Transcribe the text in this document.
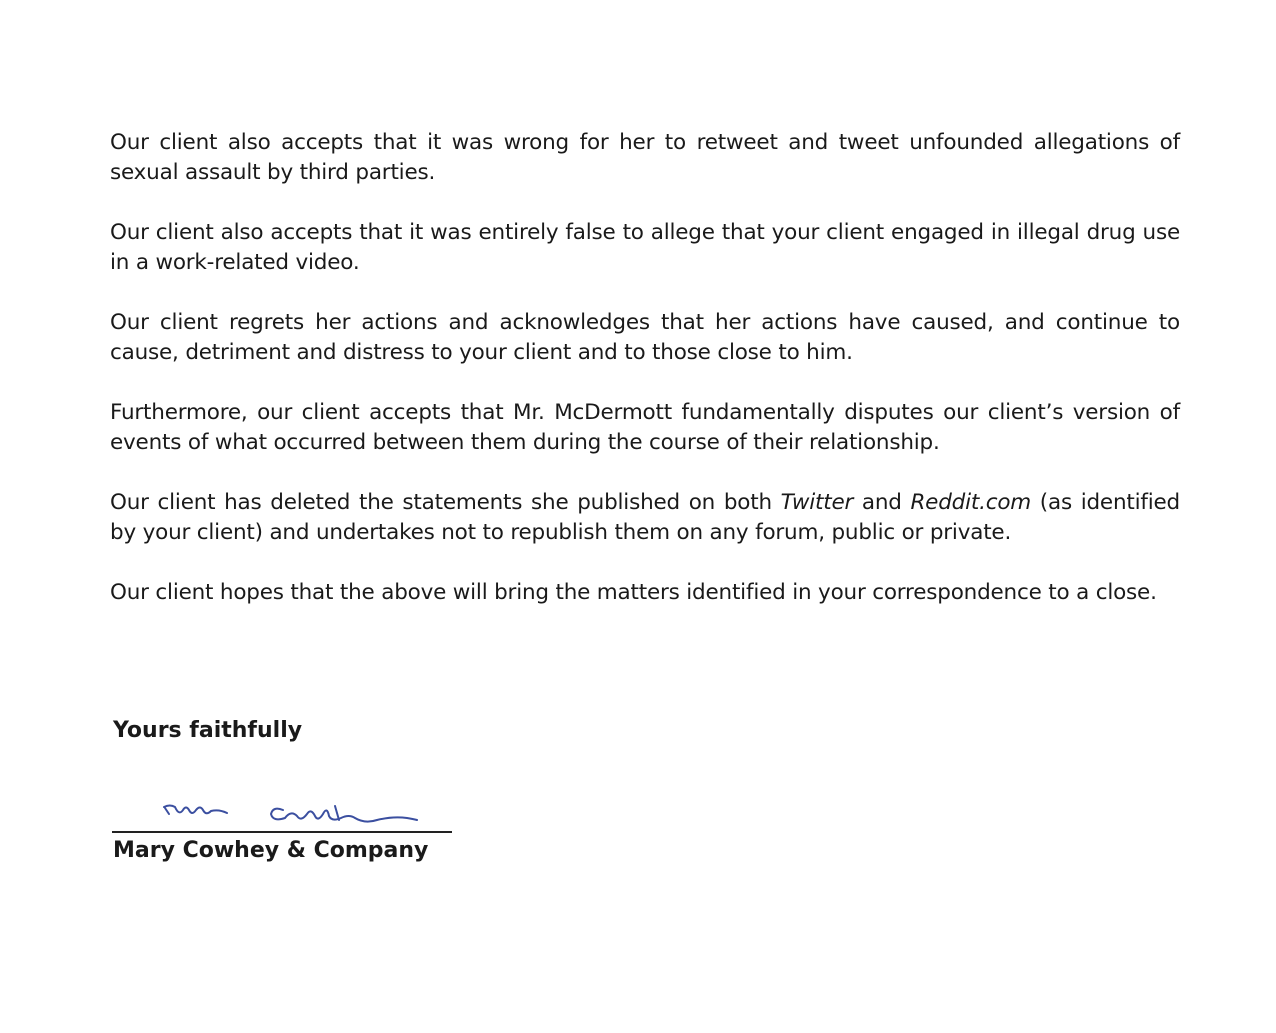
Our client also accepts that it was wrong for her to retweet and tweet unfounded allegations of sexual assault by third parties.

Our client also accepts that it was entirely false to allege that your client engaged in illegal drug use in a work-related video.

Our client regrets her actions and acknowledges that her actions have caused, and continue to cause, detriment and distress to your client and to those close to him.

Furthermore, our client accepts that Mr. McDermott fundamentally disputes our client’s version of events of what occurred between them during the course of their relationship.

Our client has deleted the statements she published on both Twitter and Reddit.com (as identified by your client) and undertakes not to republish them on any forum, public or private.

Our client hopes that the above will bring the matters identified in your correspondence to a close.

Yours faithfully

Mary Cowhey & Company
